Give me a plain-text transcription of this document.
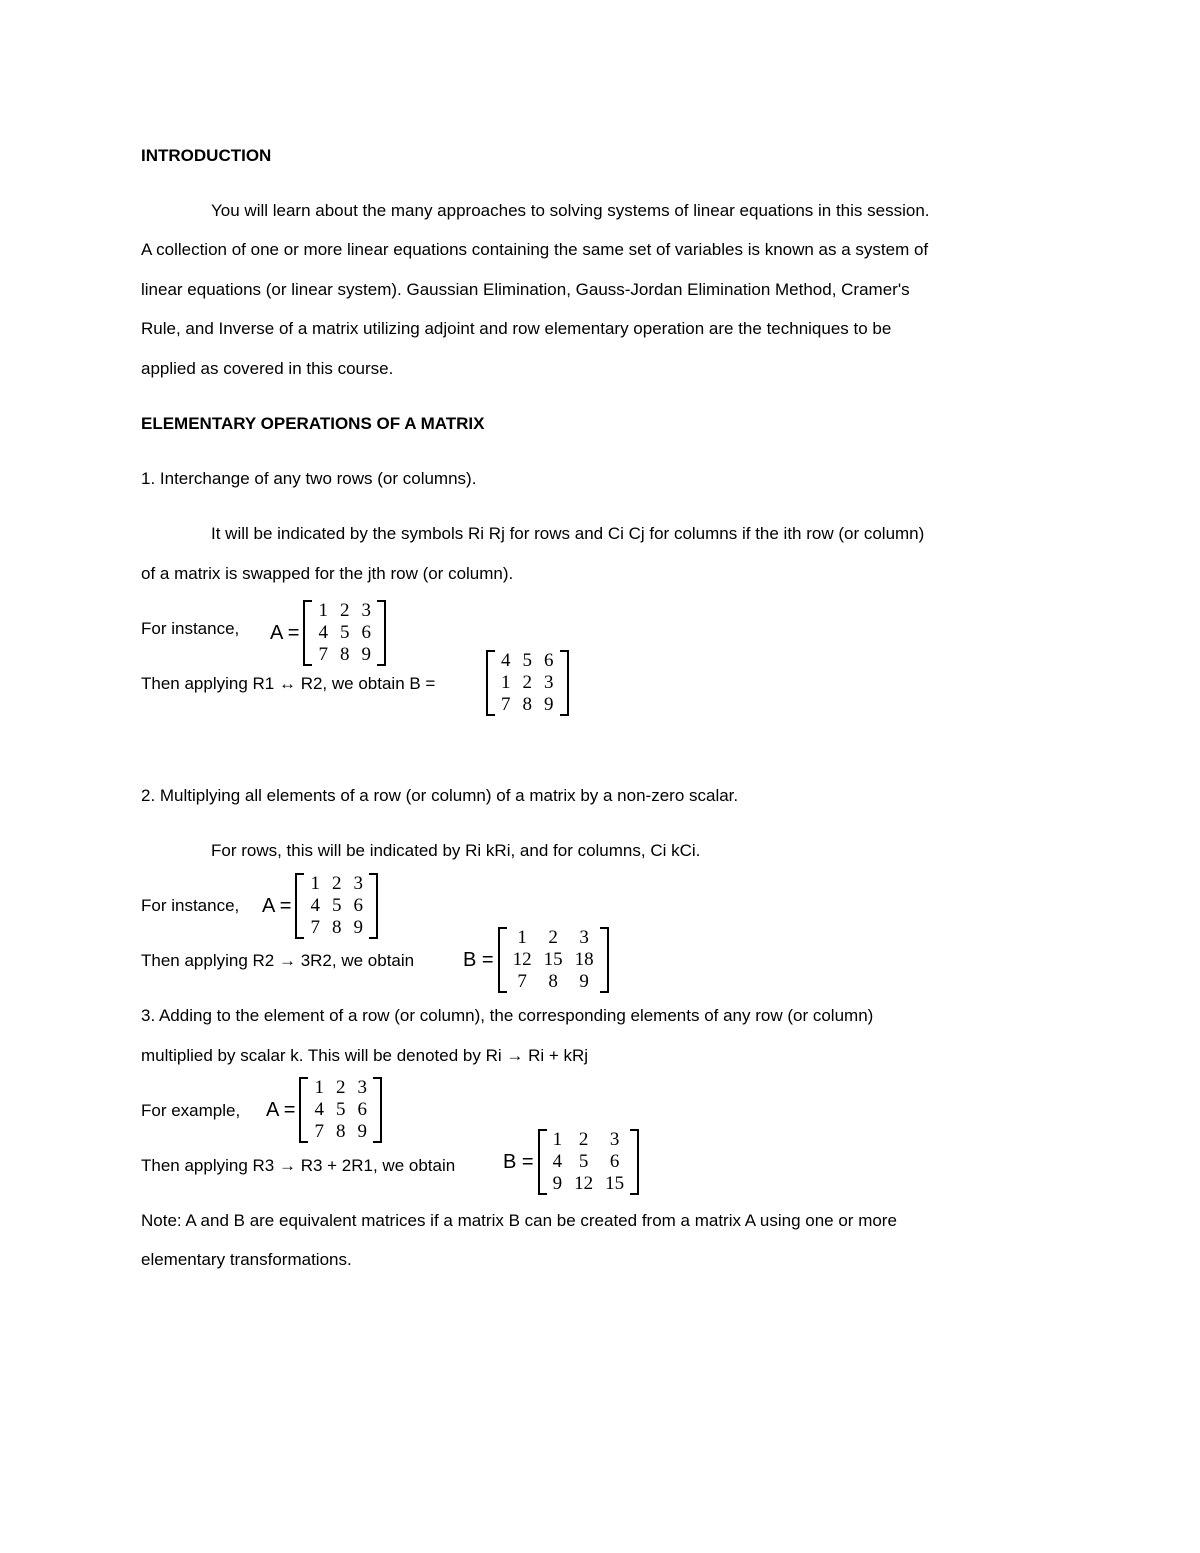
INTRODUCTION
You will learn about the many approaches to solving systems of linear equations in this session.
A collection of one or more linear equations containing the same set of variables is known as a system of
linear equations (or linear system). Gaussian Elimination, Gauss-Jordan Elimination Method, Cramer's
Rule, and Inverse of a matrix utilizing adjoint and row elementary operation are the techniques to be
applied as covered in this course.
ELEMENTARY OPERATIONS OF A MATRIX
1. Interchange of any two rows (or columns).
It will be indicated by the symbols Ri Rj for rows and Ci Cj for columns if the ith row (or column)
of a matrix is swapped for the jth row (or column).
For instance, A =
1	2	3
4	5	6
7	8	9
Then applying R1 ↔ R2, we obtain B =
4	5	6
1	2	3
7	8	9
2. Multiplying all elements of a row (or column) of a matrix by a non-zero scalar.
For rows, this will be indicated by Ri kRi, and for columns, Ci kCi.
For instance, A =
1	2	3
4	5	6
7	8	9
Then applying R2 → 3R2, we obtain B =
1	2	3
12	15	18
7	8	9
3. Adding to the element of a row (or column), the corresponding elements of any row (or column)
multiplied by scalar k. This will be denoted by Ri → Ri + kRj
For example, A =
1	2	3
4	5	6
7	8	9
Then applying R3 → R3 + 2R1, we obtain B =
1	2	3
4	5	6
9	12	15
Note: A and B are equivalent matrices if a matrix B can be created from a matrix A using one or more
elementary transformations.
